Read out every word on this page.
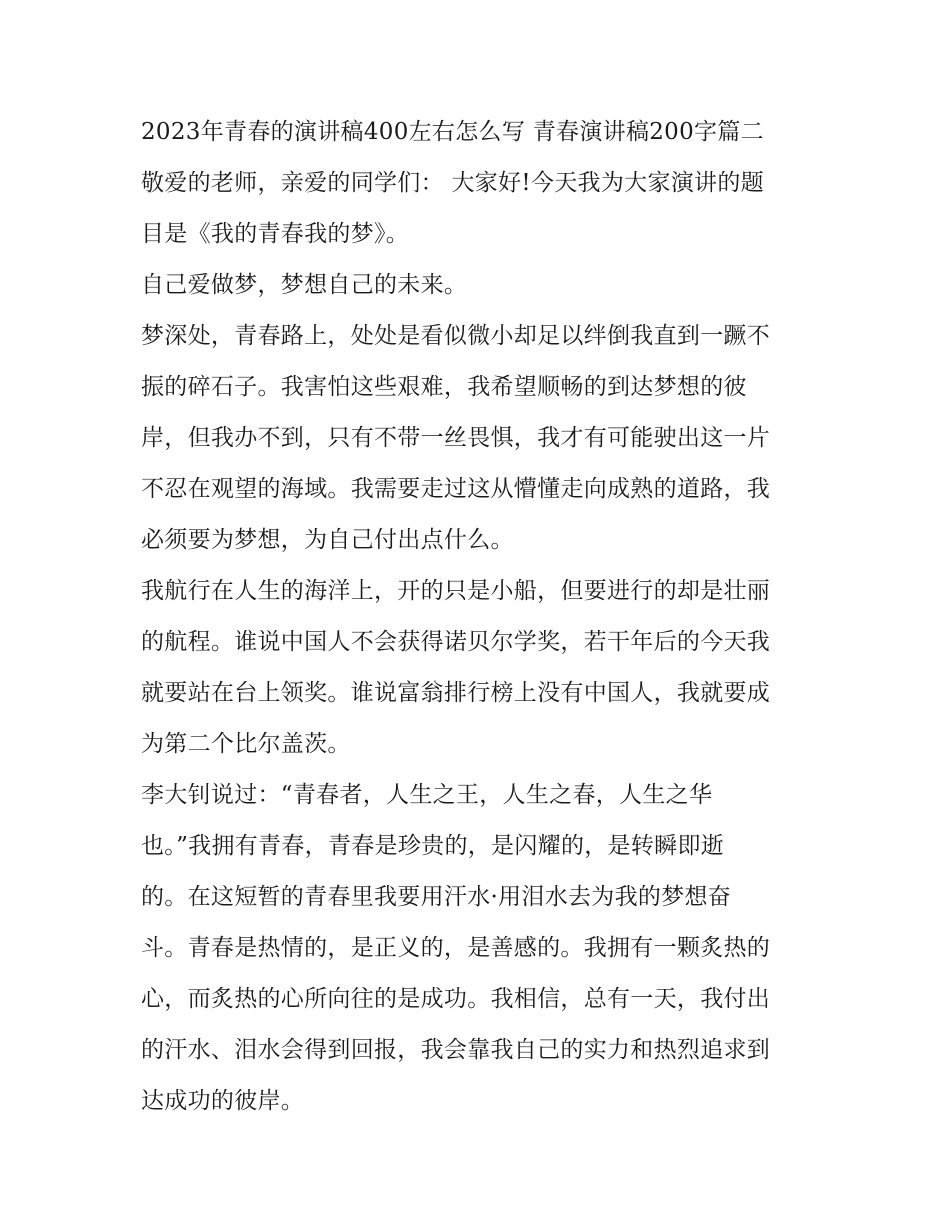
2023年青春的演讲稿400左右怎么写 青春演讲稿200字篇二
敬爱的老师，亲爱的同学们： 大家好!今天我为大家演讲的题
目是《我的青春我的梦》。
自己爱做梦，梦想自己的未来。
梦深处，青春路上，处处是看似微小却足以绊倒我直到一蹶不
振的碎石子。我害怕这些艰难，我希望顺畅的到达梦想的彼
岸，但我办不到，只有不带一丝畏惧，我才有可能驶出这一片
不忍在观望的海域。我需要走过这从懵懂走向成熟的道路，我
必须要为梦想，为自己付出点什么。
我航行在人生的海洋上，开的只是小船，但要进行的却是壮丽
的航程。谁说中国人不会获得诺贝尔学奖，若干年后的今天我
就要站在台上领奖。谁说富翁排行榜上没有中国人，我就要成
为第二个比尔盖茨。
李大钊说过：“青春者，人生之王，人生之春，人生之华
也。”我拥有青春，青春是珍贵的，是闪耀的，是转瞬即逝
的。在这短暂的青春里我要用汗水·用泪水去为我的梦想奋
斗。青春是热情的，是正义的，是善感的。我拥有一颗炙热的
心，而炙热的心所向往的是成功。我相信，总有一天，我付出
的汗水、泪水会得到回报，我会靠我自己的实力和热烈追求到
达成功的彼岸。
